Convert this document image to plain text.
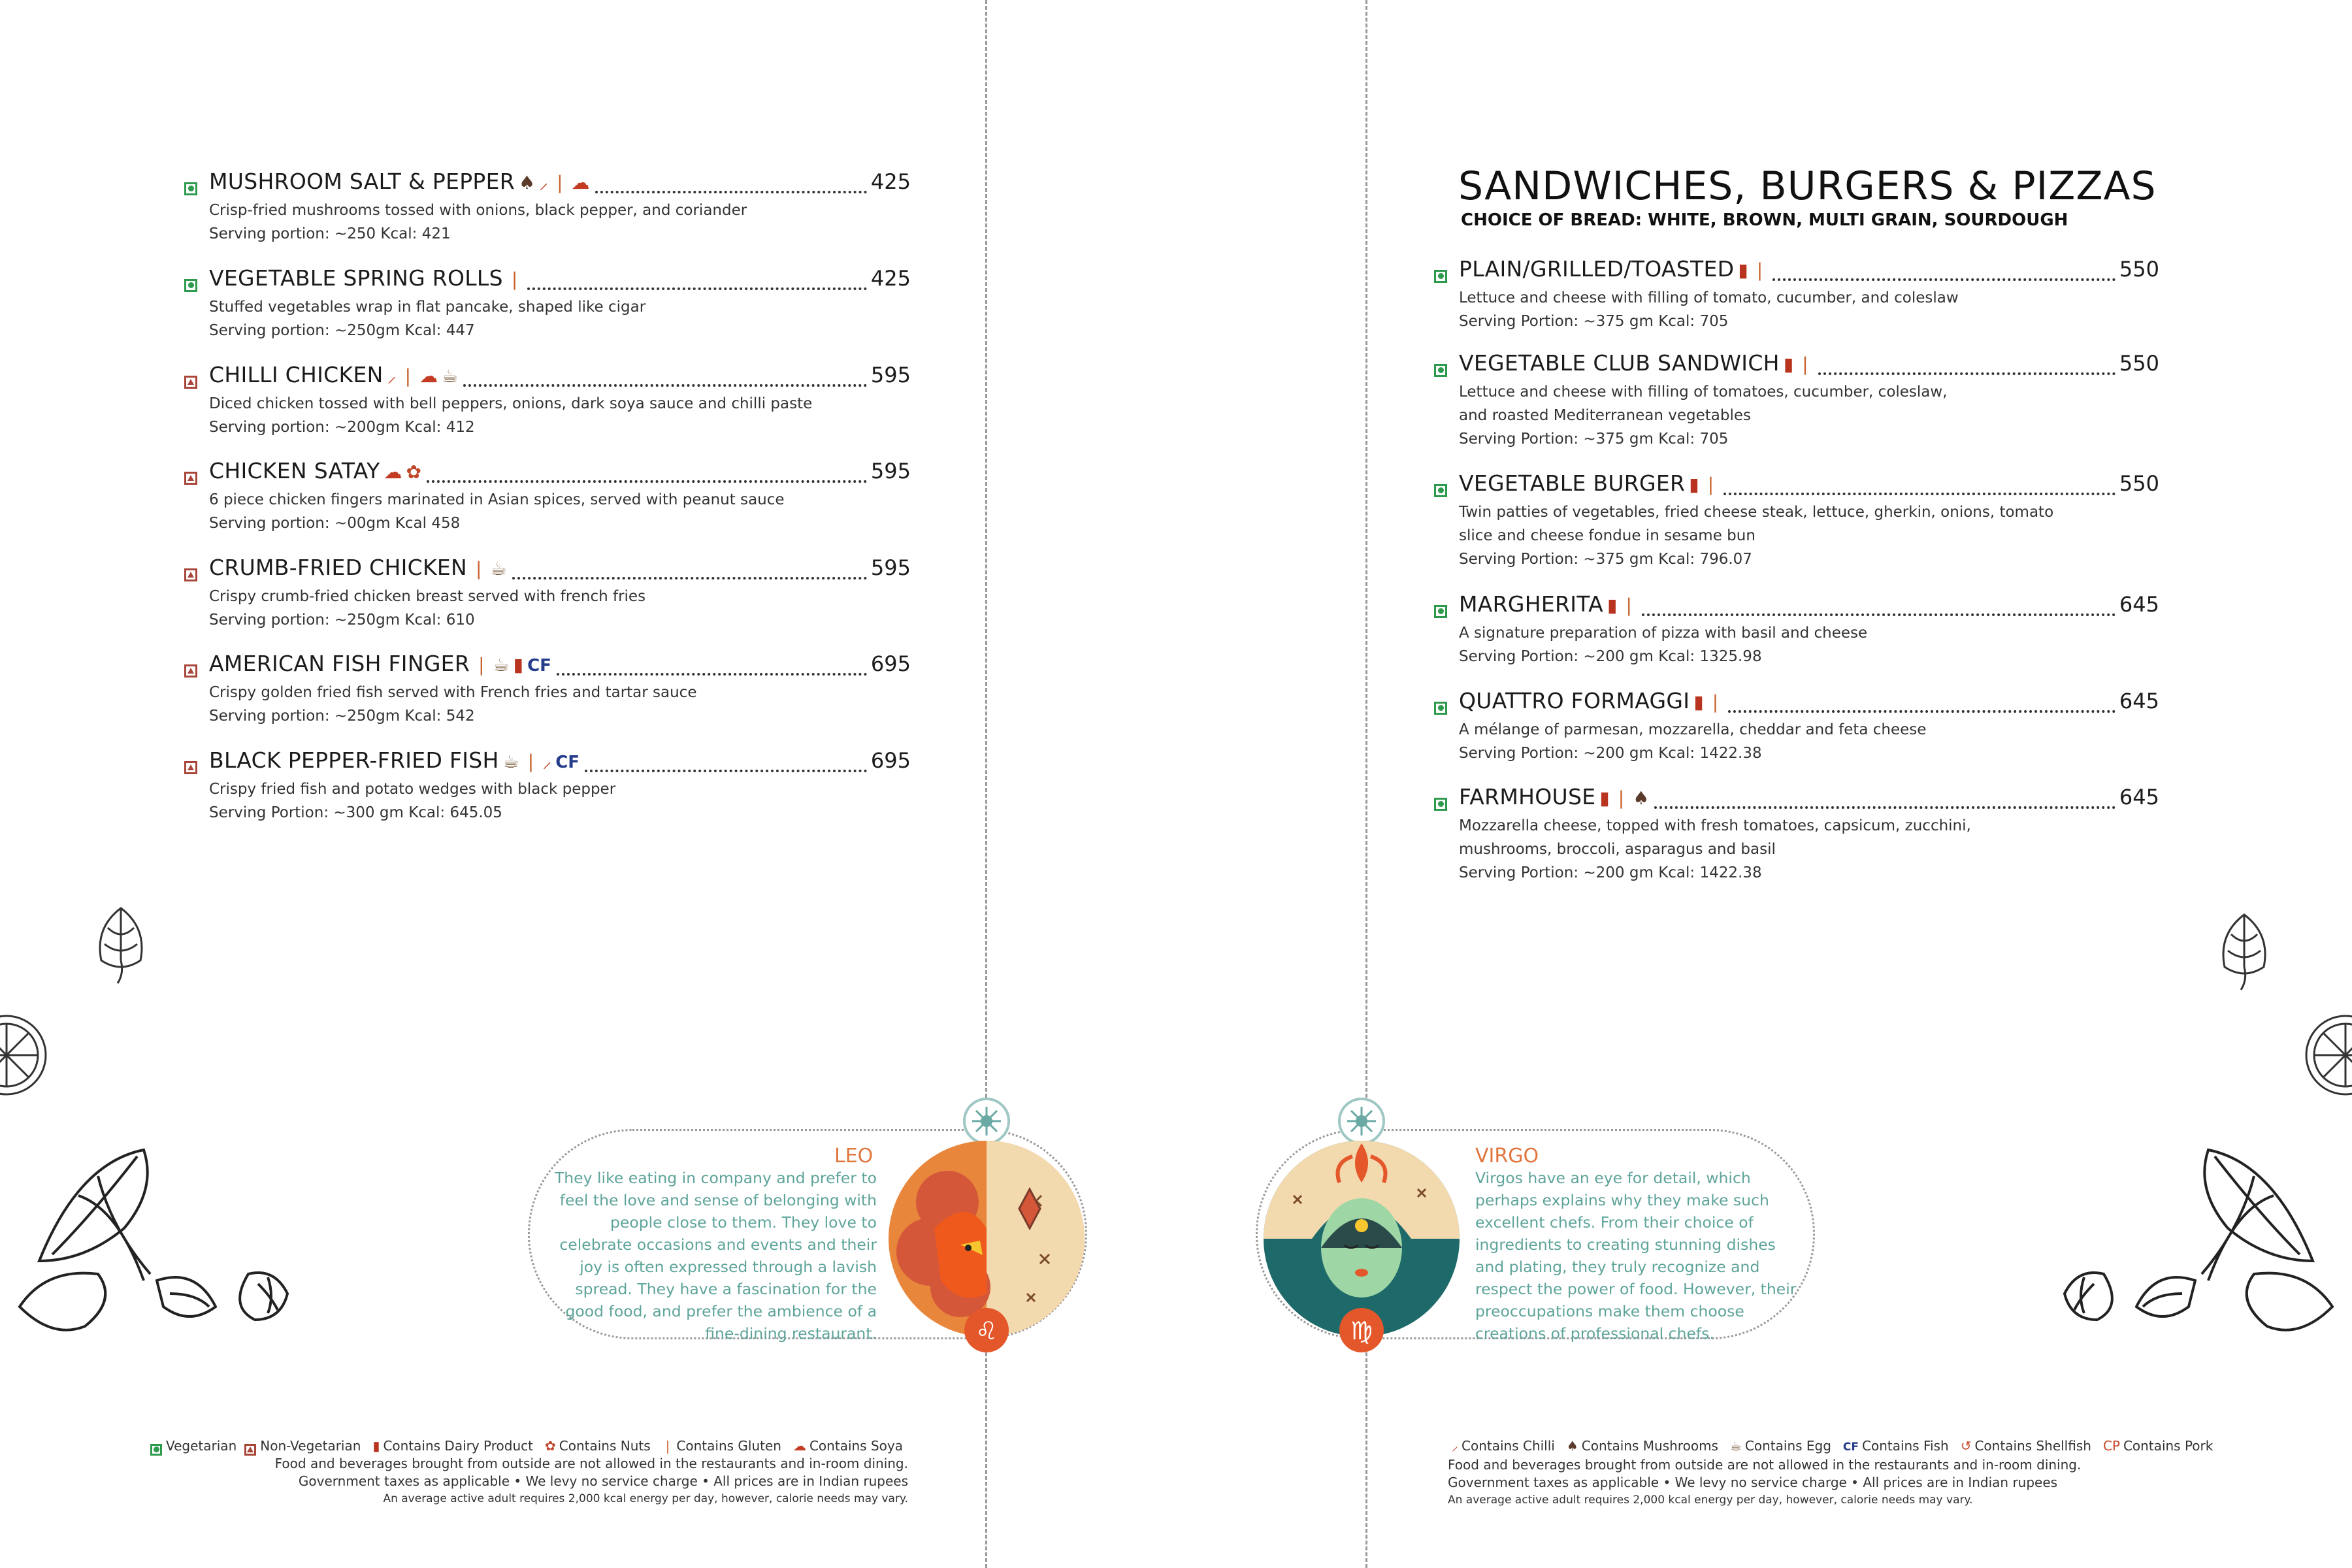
MUSHROOM SALT & PEPPER ♠ ⸝ ❘ ☁	425
Crisp-fried mushrooms tossed with onions, black pepper, and coriander
Serving portion: ~250 Kcal: 421
VEGETABLE SPRING ROLLS ❘	425
Stuffed vegetables wrap in flat pancake, shaped like cigar
Serving portion: ~250gm Kcal: 447
CHILLI CHICKEN ⸝ ❘ ☁ ☕	595
Diced chicken tossed with bell peppers, onions, dark soya sauce and chilli paste
Serving portion: ~200gm Kcal: 412
CHICKEN SATAY ☁ ✿	595
6 piece chicken fingers marinated in Asian spices, served with peanut sauce
Serving portion: ~00gm Kcal 458
CRUMB-FRIED CHICKEN ❘ ☕	595
Crispy crumb-fried chicken breast served with french fries
Serving portion: ~250gm Kcal: 610
AMERICAN FISH FINGER ❘ ☕ ▮ CF	695
Crispy golden fried fish served with French fries and tartar sauce
Serving portion: ~250gm Kcal: 542
BLACK PEPPER-FRIED FISH ☕ ❘ ⸝ CF	695
Crispy fried fish and potato wedges with black pepper
Serving Portion: ~300 gm Kcal: 645.05
SANDWICHES, BURGERS & PIZZAS
CHOICE OF BREAD: WHITE, BROWN, MULTI GRAIN, SOURDOUGH
PLAIN/GRILLED/TOASTED ▮ ❘	550
Lettuce and cheese with filling of tomato, cucumber, and coleslaw
Serving Portion: ~375 gm Kcal: 705
VEGETABLE CLUB SANDWICH ▮ ❘	550
Lettuce and cheese with filling of tomatoes, cucumber, coleslaw,
and roasted Mediterranean vegetables
Serving Portion: ~375 gm Kcal: 705
VEGETABLE BURGER ▮ ❘	550
Twin patties of vegetables, fried cheese steak, lettuce, gherkin, onions, tomato
slice and cheese fondue in sesame bun
Serving Portion: ~375 gm Kcal: 796.07
MARGHERITA ▮ ❘	645
A signature preparation of pizza with basil and cheese
Serving Portion: ~200 gm Kcal: 1325.98
QUATTRO FORMAGGI ▮ ❘	645
A mélange of parmesan, mozzarella, cheddar and feta cheese
Serving Portion: ~200 gm Kcal: 1422.38
FARMHOUSE ▮ ❘ ♠	645
Mozzarella cheese, topped with fresh tomatoes, capsicum, zucchini,
mushrooms, broccoli, asparagus and basil
Serving Portion: ~200 gm Kcal: 1422.38
LEO
They like eating in company and prefer to feel the love and sense of belonging with people close to them. They love to celebrate occasions and events and their joy is often expressed through a lavish spread. They have a fascination for the good food, and prefer the ambience of a fine-dining restaurant.	♌
VIRGO
Virgos have an eye for detail, which perhaps explains why they make such excellent chefs. From their choice of ingredients to creating stunning dishes and plating, they truly recognize and respect the power of food. However, their preoccupations make them choose creations of professional chefs.
♍
Vegetarian Non-Vegetarian ▮ Contains Dairy Product ✿ Contains Nuts ❘ Contains Gluten ☁ Contains Soya
Food and beverages brought from outside are not allowed in the restaurants and in-room dining.
Government taxes as applicable • We levy no service charge • All prices are in Indian rupees
An average active adult requires 2,000 kcal energy per day, however, calorie needs may vary.
⸝ Contains Chilli ♠ Contains Mushrooms ☕ Contains Egg CF Contains Fish ↺ Contains Shellfish CP Contains Pork
Food and beverages brought from outside are not allowed in the restaurants and in-room dining.
Government taxes as applicable • We levy no service charge • All prices are in Indian rupees
An average active adult requires 2,000 kcal energy per day, however, calorie needs may vary.
